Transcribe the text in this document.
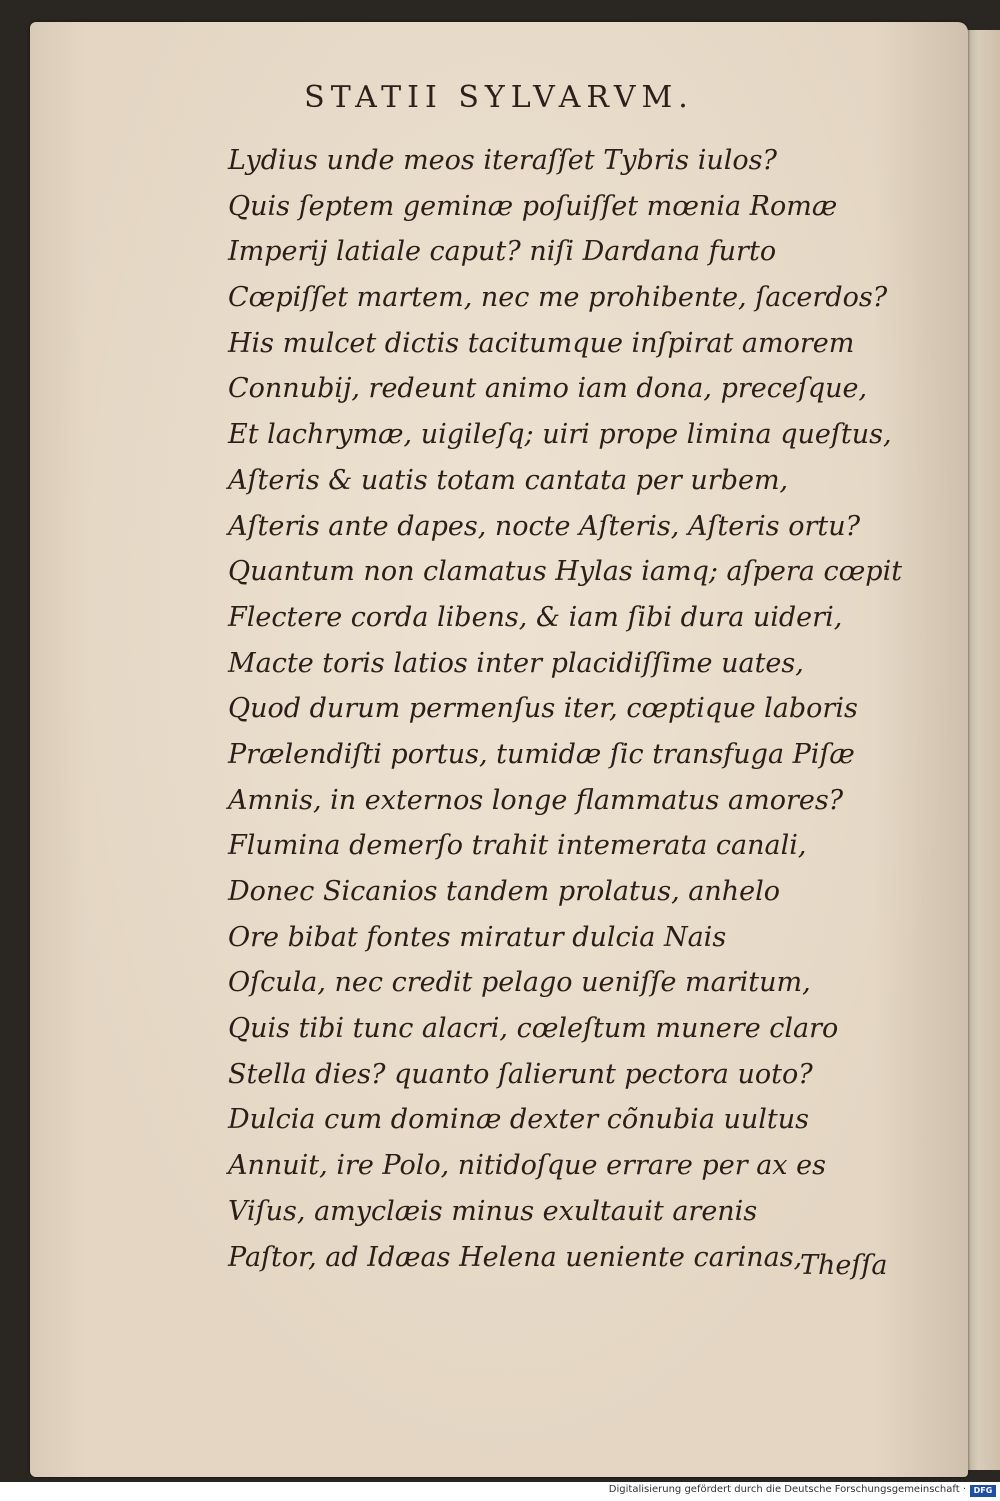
STATII SYLVARVM.
Lydius unde meos iteraſſet Tybris iulos?
Quis ſeptem geminæ poſuiſſet mœnia Romæ
Imperij latiale caput? niſi Dardana furto
Cœpiſſet martem, nec me prohibente, ſacerdos?
His mulcet dictis tacitumque inſpirat amorem
Connubij, redeunt animo iam dona, preceſque,
Et lachrymæ, uigileſq; uiri prope limina queſtus,
Aſteris & uatis totam cantata per urbem,
Aſteris ante dapes, nocte Aſteris, Aſteris ortu?
Quantum non clamatus Hylas iamq; aſpera cœpit
Flectere corda libens, & iam ſibi dura uideri,
Macte toris latios inter placidiſſime uates,
Quod durum permenſus iter, cœptique laboris
Prælendiſti portus, tumidæ ſic transfuga Piſæ
Amnis, in externos longe flammatus amores?
Flumina demerſo trahit intemerata canali,
Donec Sicanios tandem prolatus, anhelo
Ore bibat fontes miratur dulcia Nais
Oſcula, nec credit pelago ueniſſe maritum,
Quis tibi tunc alacri, cœleſtum munere claro
Stella dies? quanto ſalierunt pectora uoto?
Dulcia cum dominæ dexter cõnubia uultus
Annuit, ire Polo, nitidoſque errare per ax es
Viſus, amyclæis minus exultauit arenis
Paſtor, ad Idæas Helena ueniente carinas,
Theſſa
Digitalisierung gefördert durch die Deutsche Forschungsgemeinschaft · DFG
